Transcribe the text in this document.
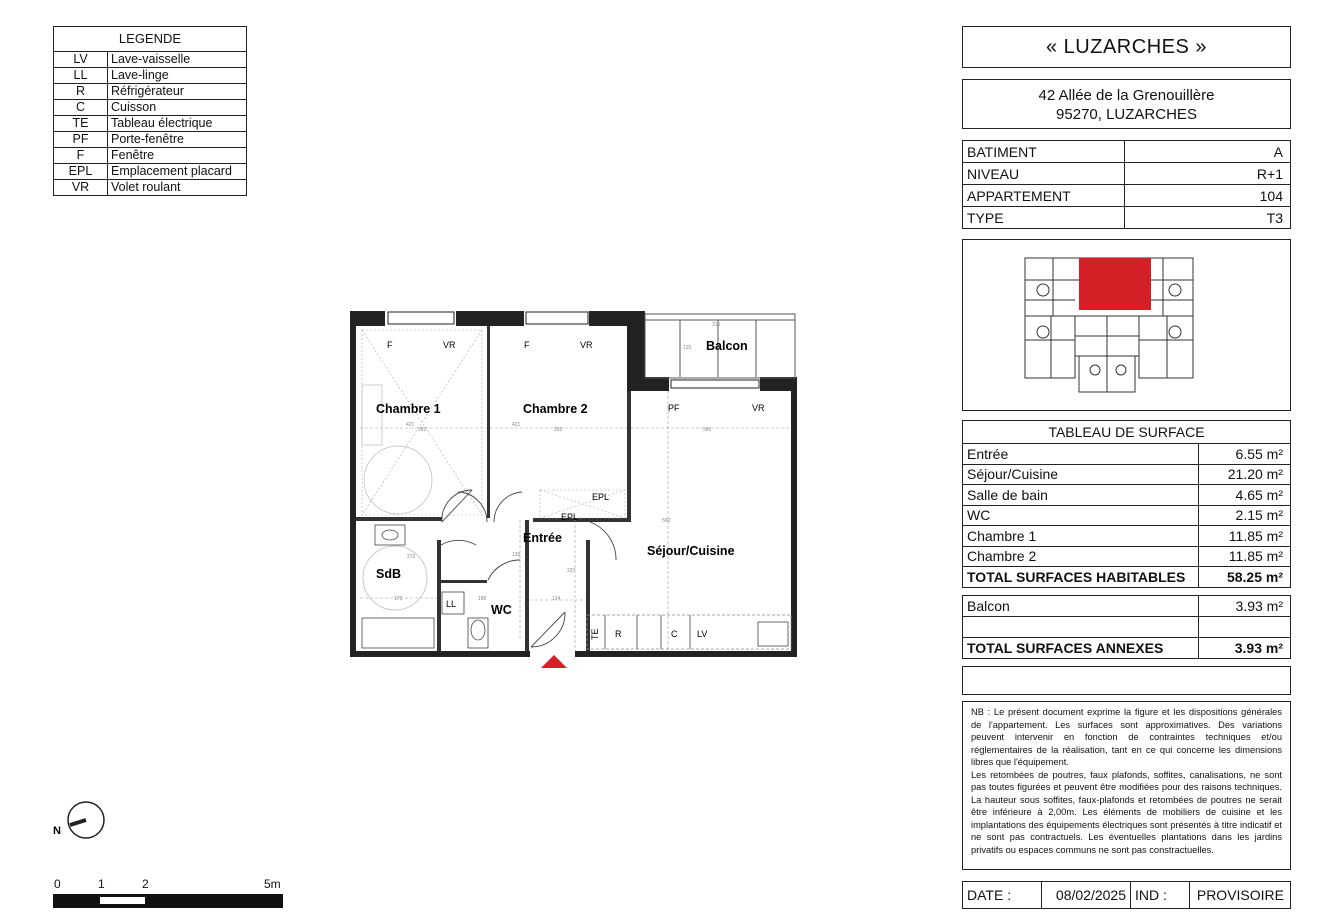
LEGENDE	
LV	Lave-vaisselle
LL	Lave-linge
R	Réfrigérateur
C	Cuisson
TE	Tableau électrique
PF	Porte-fenêtre
F	Fenêtre
EPL	Emplacement placard
VR	Volet roulant
Chambre 1	Chambre 2
Balcon
Entrée
Séjour/Cuisine
SdB
WC
F	VR	F	VR
PF	VR
EPL
EPL
LL
R	C LV
TE
421
282
421
292	345
315
125
560
130
337
124
170
272
189
N
0	1	2	5m
« LUZARCHES »
42 Allée de la Grenouillère
95270, LUZARCHES
BATIMENT	A
NIVEAU	R+1
APPARTEMENT	104
TYPE	T3
TABLEAU DE SURFACE	
Entrée	6.55 m²
Séjour/Cuisine	21.20 m²
Salle de bain	4.65 m²
WC	2.15 m²
Chambre 1	11.85 m²
Chambre 2	11.85 m²
TOTAL SURFACES HABITABLES	58.25 m²
Balcon	3.93 m²

TOTAL SURFACES ANNEXES	3.93 m²

NB : Le présent document exprime la figure et les dispositions générales de l'appartement. Les surfaces sont approximatives. Des variations peuvent intervenir en fonction de contraintes techniques et/ou réglementaires de la réalisation, tant en ce qui concerne les dimensions libres que l'équipement.

Les retombées de poutres, faux plafonds, soffites, canalisations, ne sont pas toutes figurées et peuvent être modifiées pour des raisons techniques. La hauteur sous soffites, faux-plafonds et retombées de poutres ne serait être inférieure à 2,00m. Les éléments de mobiliers de cuisine et les implantations des équipements électriques sont présentés à titre indicatif et ne sont pas contractuels. Les éventuelles plantations dans les jardins privatifs ou espaces communs ne sont pas constractuelles.

DATE :	08/02/2025	IND :	PROVISOIRE
